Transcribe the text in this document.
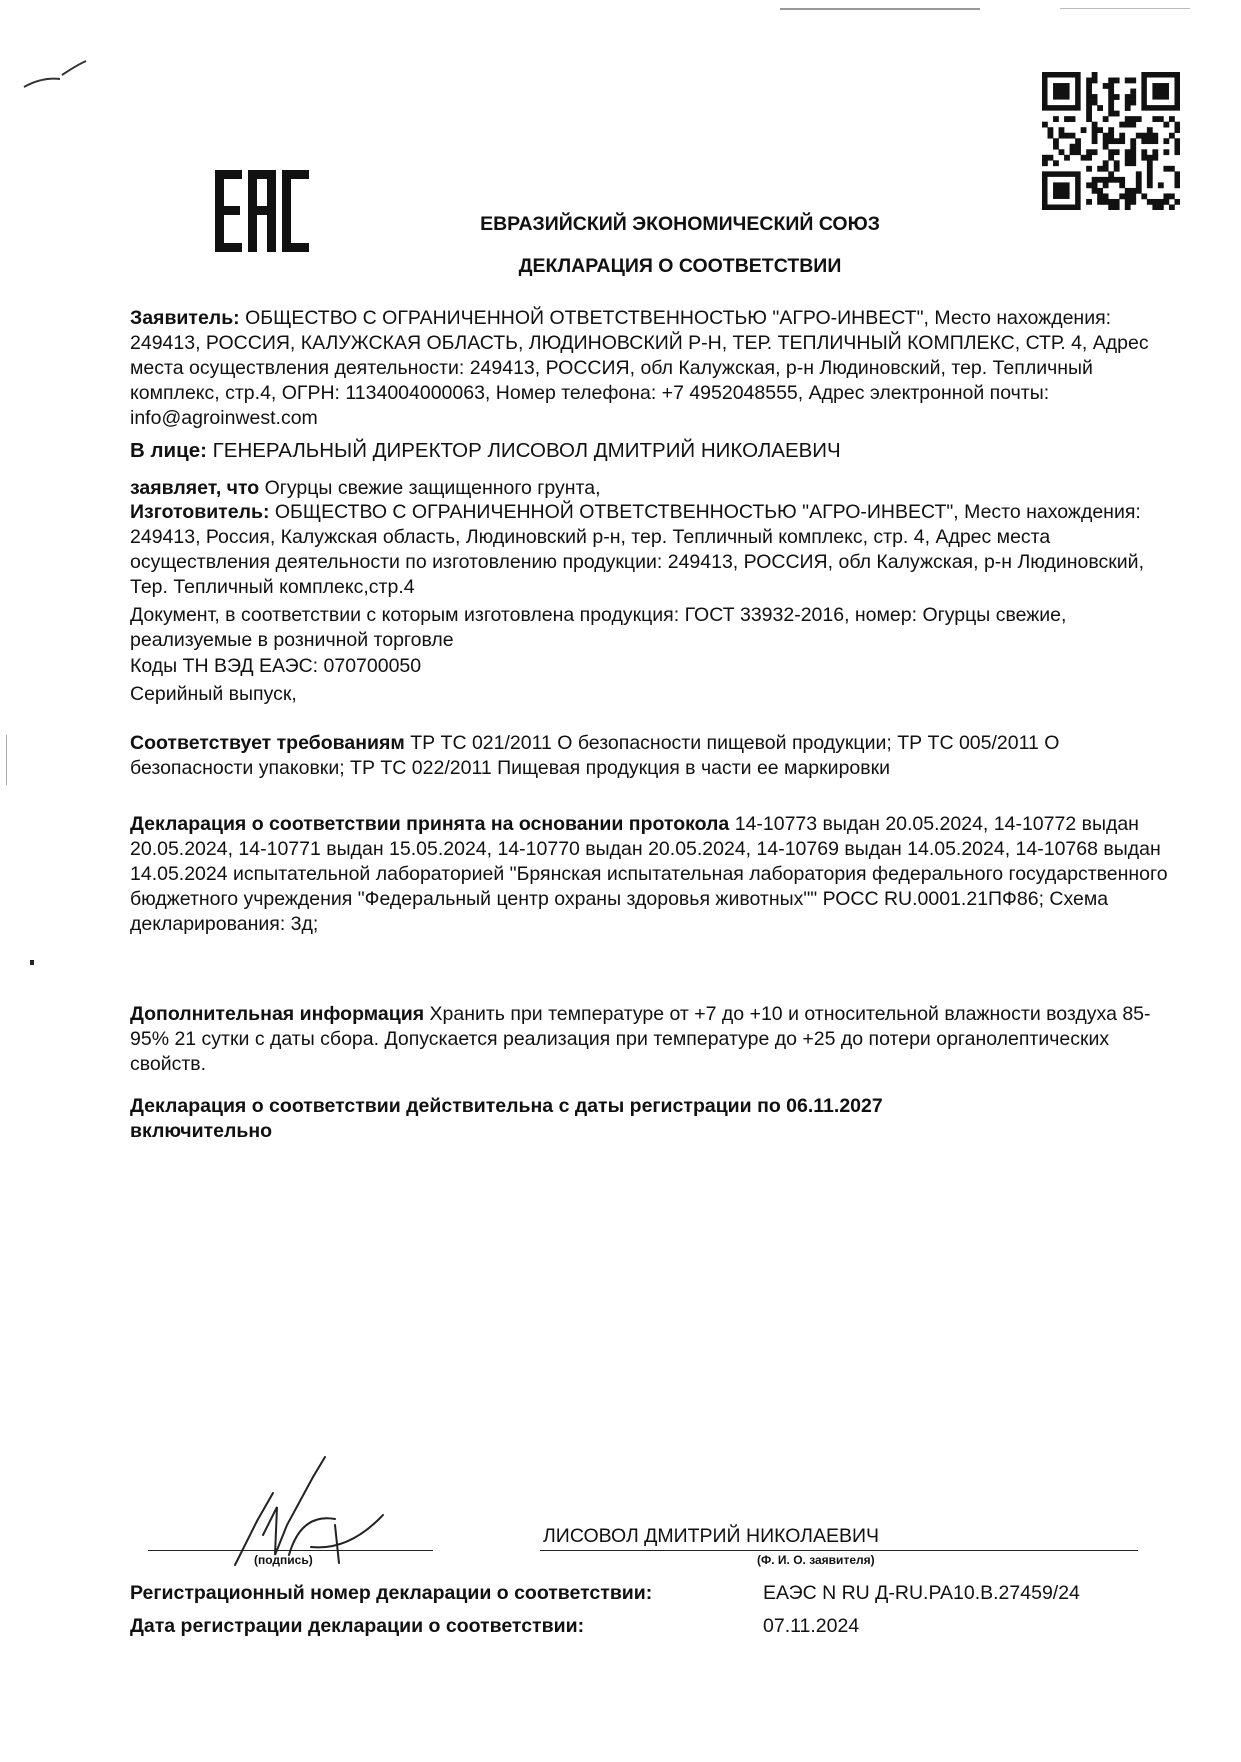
ЕВРАЗИЙСКИЙ ЭКОНОМИЧЕСКИЙ СОЮЗ
ДЕКЛАРАЦИЯ О СООТВЕТСТВИИ

Заявитель: ОБЩЕСТВО С ОГРАНИЧЕННОЙ ОТВЕТСТВЕННОСТЬЮ "АГРО-ИНВЕСТ", Место нахождения: 249413, РОССИЯ, КАЛУЖСКАЯ ОБЛАСТЬ, ЛЮДИНОВСКИЙ Р-Н, ТЕР. ТЕПЛИЧНЫЙ КОМПЛЕКС, СТР. 4, Адрес места осуществления деятельности: 249413, РОССИЯ, обл Калужская, р-н Людиновский, тер. Тепличный комплекс, стр.4, ОГРН: 1134004000063, Номер телефона: +7 4952048555, Адрес электронной почты: info@agroinwest.com

В лице: ГЕНЕРАЛЬНЫЙ ДИРЕКТОР ЛИСОВОЛ ДМИТРИЙ НИКОЛАЕВИЧ

заявляет, что Огурцы свежие защищенного грунта,

Изготовитель: ОБЩЕСТВО С ОГРАНИЧЕННОЙ ОТВЕТСТВЕННОСТЬЮ "АГРО-ИНВЕСТ", Место нахождения: 249413, Россия, Калужская область, Людиновский р-н, тер. Тепличный комплекс, стр. 4, Адрес места осуществления деятельности по изготовлению продукции: 249413, РОССИЯ, обл Калужская, р-н Людиновский, Тер. Тепличный комплекс,стр.4

Документ, в соответствии с которым изготовлена продукция: ГОСТ 33932-2016, номер: Огурцы свежие, реализуемые в розничной торговле

Коды ТН ВЭД ЕАЭС: 070700050

Серийный выпуск,

Соответствует требованиям ТР ТС 021/2011 О безопасности пищевой продукции; ТР ТС 005/2011 О безопасности упаковки; ТР ТС 022/2011 Пищевая продукция в части ее маркировки

Декларация о соответствии принята на основании протокола 14-10773 выдан 20.05.2024, 14-10772 выдан 20.05.2024, 14-10771 выдан 15.05.2024, 14-10770 выдан 20.05.2024, 14-10769 выдан 14.05.2024, 14-10768 выдан 14.05.2024 испытательной лабораторией "Брянская испытательная лаборатория федерального государственного бюджетного учреждения "Федеральный центр охраны здоровья животных"" РОСС RU.0001.21ПФ86; Схема декларирования: 3д;

Дополнительная информация Хранить при температуре от +7 до +10 и относительной влажности воздуха 85-95% 21 сутки с даты сбора. Допускается реализация при температуре до +25 до потери органолептических свойств.

Декларация о соответствии действительна с даты регистрации по 06.11.2027 включительно

(подпись)
ЛИСОВОЛ ДМИТРИЙ НИКОЛАЕВИЧ
(Ф. И. О. заявителя)
Регистрационный номер декларации о соответствии:	ЕАЭС N RU Д-RU.PA10.B.27459/24
Дата регистрации декларации о соответствии:	07.11.2024
